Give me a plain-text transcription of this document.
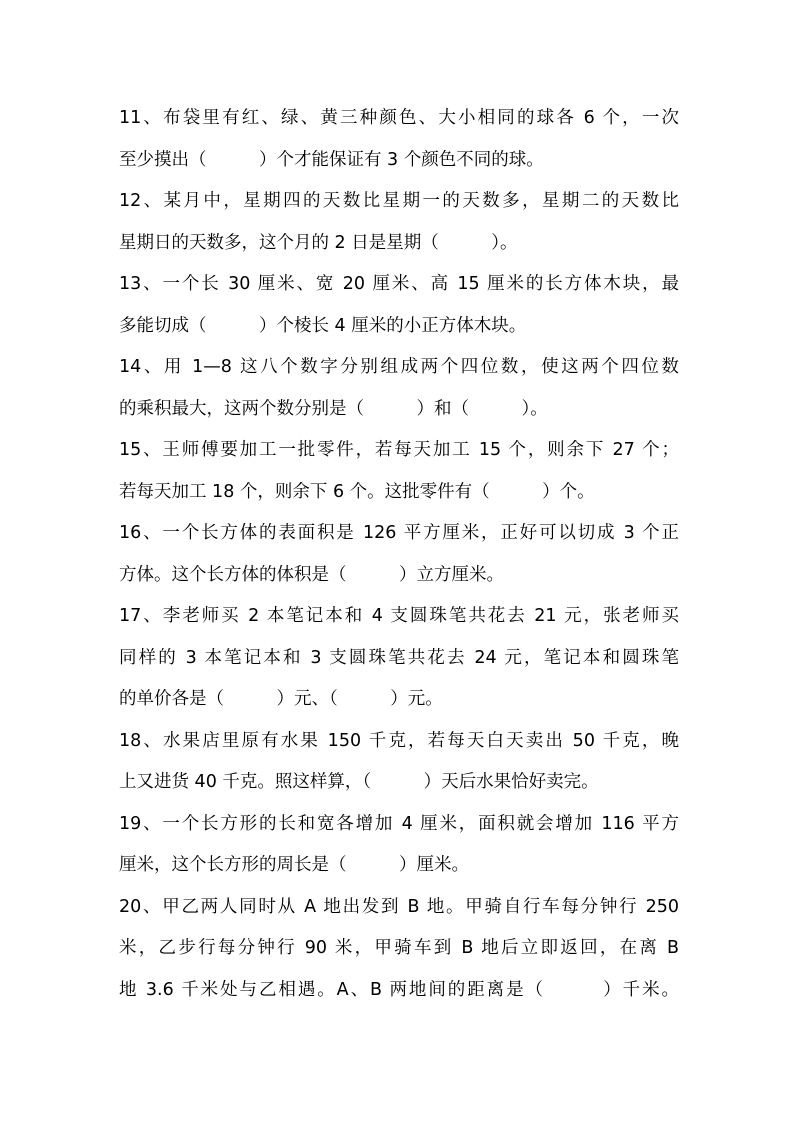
11、布袋里有红、绿、黄三种颜色、大小相同的球各 6 个，一次
至少摸出（　　　）个才能保证有 3 个颜色不同的球。
12、某月中，星期四的天数比星期一的天数多，星期二的天数比
星期日的天数多，这个月的 2 日是星期（　　　）。
13、一个长 30 厘米、宽 20 厘米、高 15 厘米的长方体木块，最
多能切成（　　　）个棱长 4 厘米的小正方体木块。
14、用 1—8 这八个数字分别组成两个四位数，使这两个四位数
的乘积最大，这两个数分别是（　　　）和（　　　）。
15、王师傅要加工一批零件，若每天加工 15 个，则余下 27 个；
若每天加工 18 个，则余下 6 个。这批零件有（　　　）个。
16、一个长方体的表面积是 126 平方厘米，正好可以切成 3 个正
方体。这个长方体的体积是（　　　）立方厘米。
17、李老师买 2 本笔记本和 4 支圆珠笔共花去 21 元，张老师买
同样的 3 本笔记本和 3 支圆珠笔共花去 24 元，笔记本和圆珠笔
的单价各是（　　　）元、（　　　）元。
18、水果店里原有水果 150 千克，若每天白天卖出 50 千克，晚
上又进货 40 千克。照这样算，（　　　）天后水果恰好卖完。
19、一个长方形的长和宽各增加 4 厘米，面积就会增加 116 平方
厘米，这个长方形的周长是（　　　）厘米。
20、甲乙两人同时从 A 地出发到 B 地。甲骑自行车每分钟行 250
米，乙步行每分钟行 90 米，甲骑车到 B 地后立即返回，在离 B
地 3.6 千米处与乙相遇。A、B 两地间的距离是（　　　）千米。
